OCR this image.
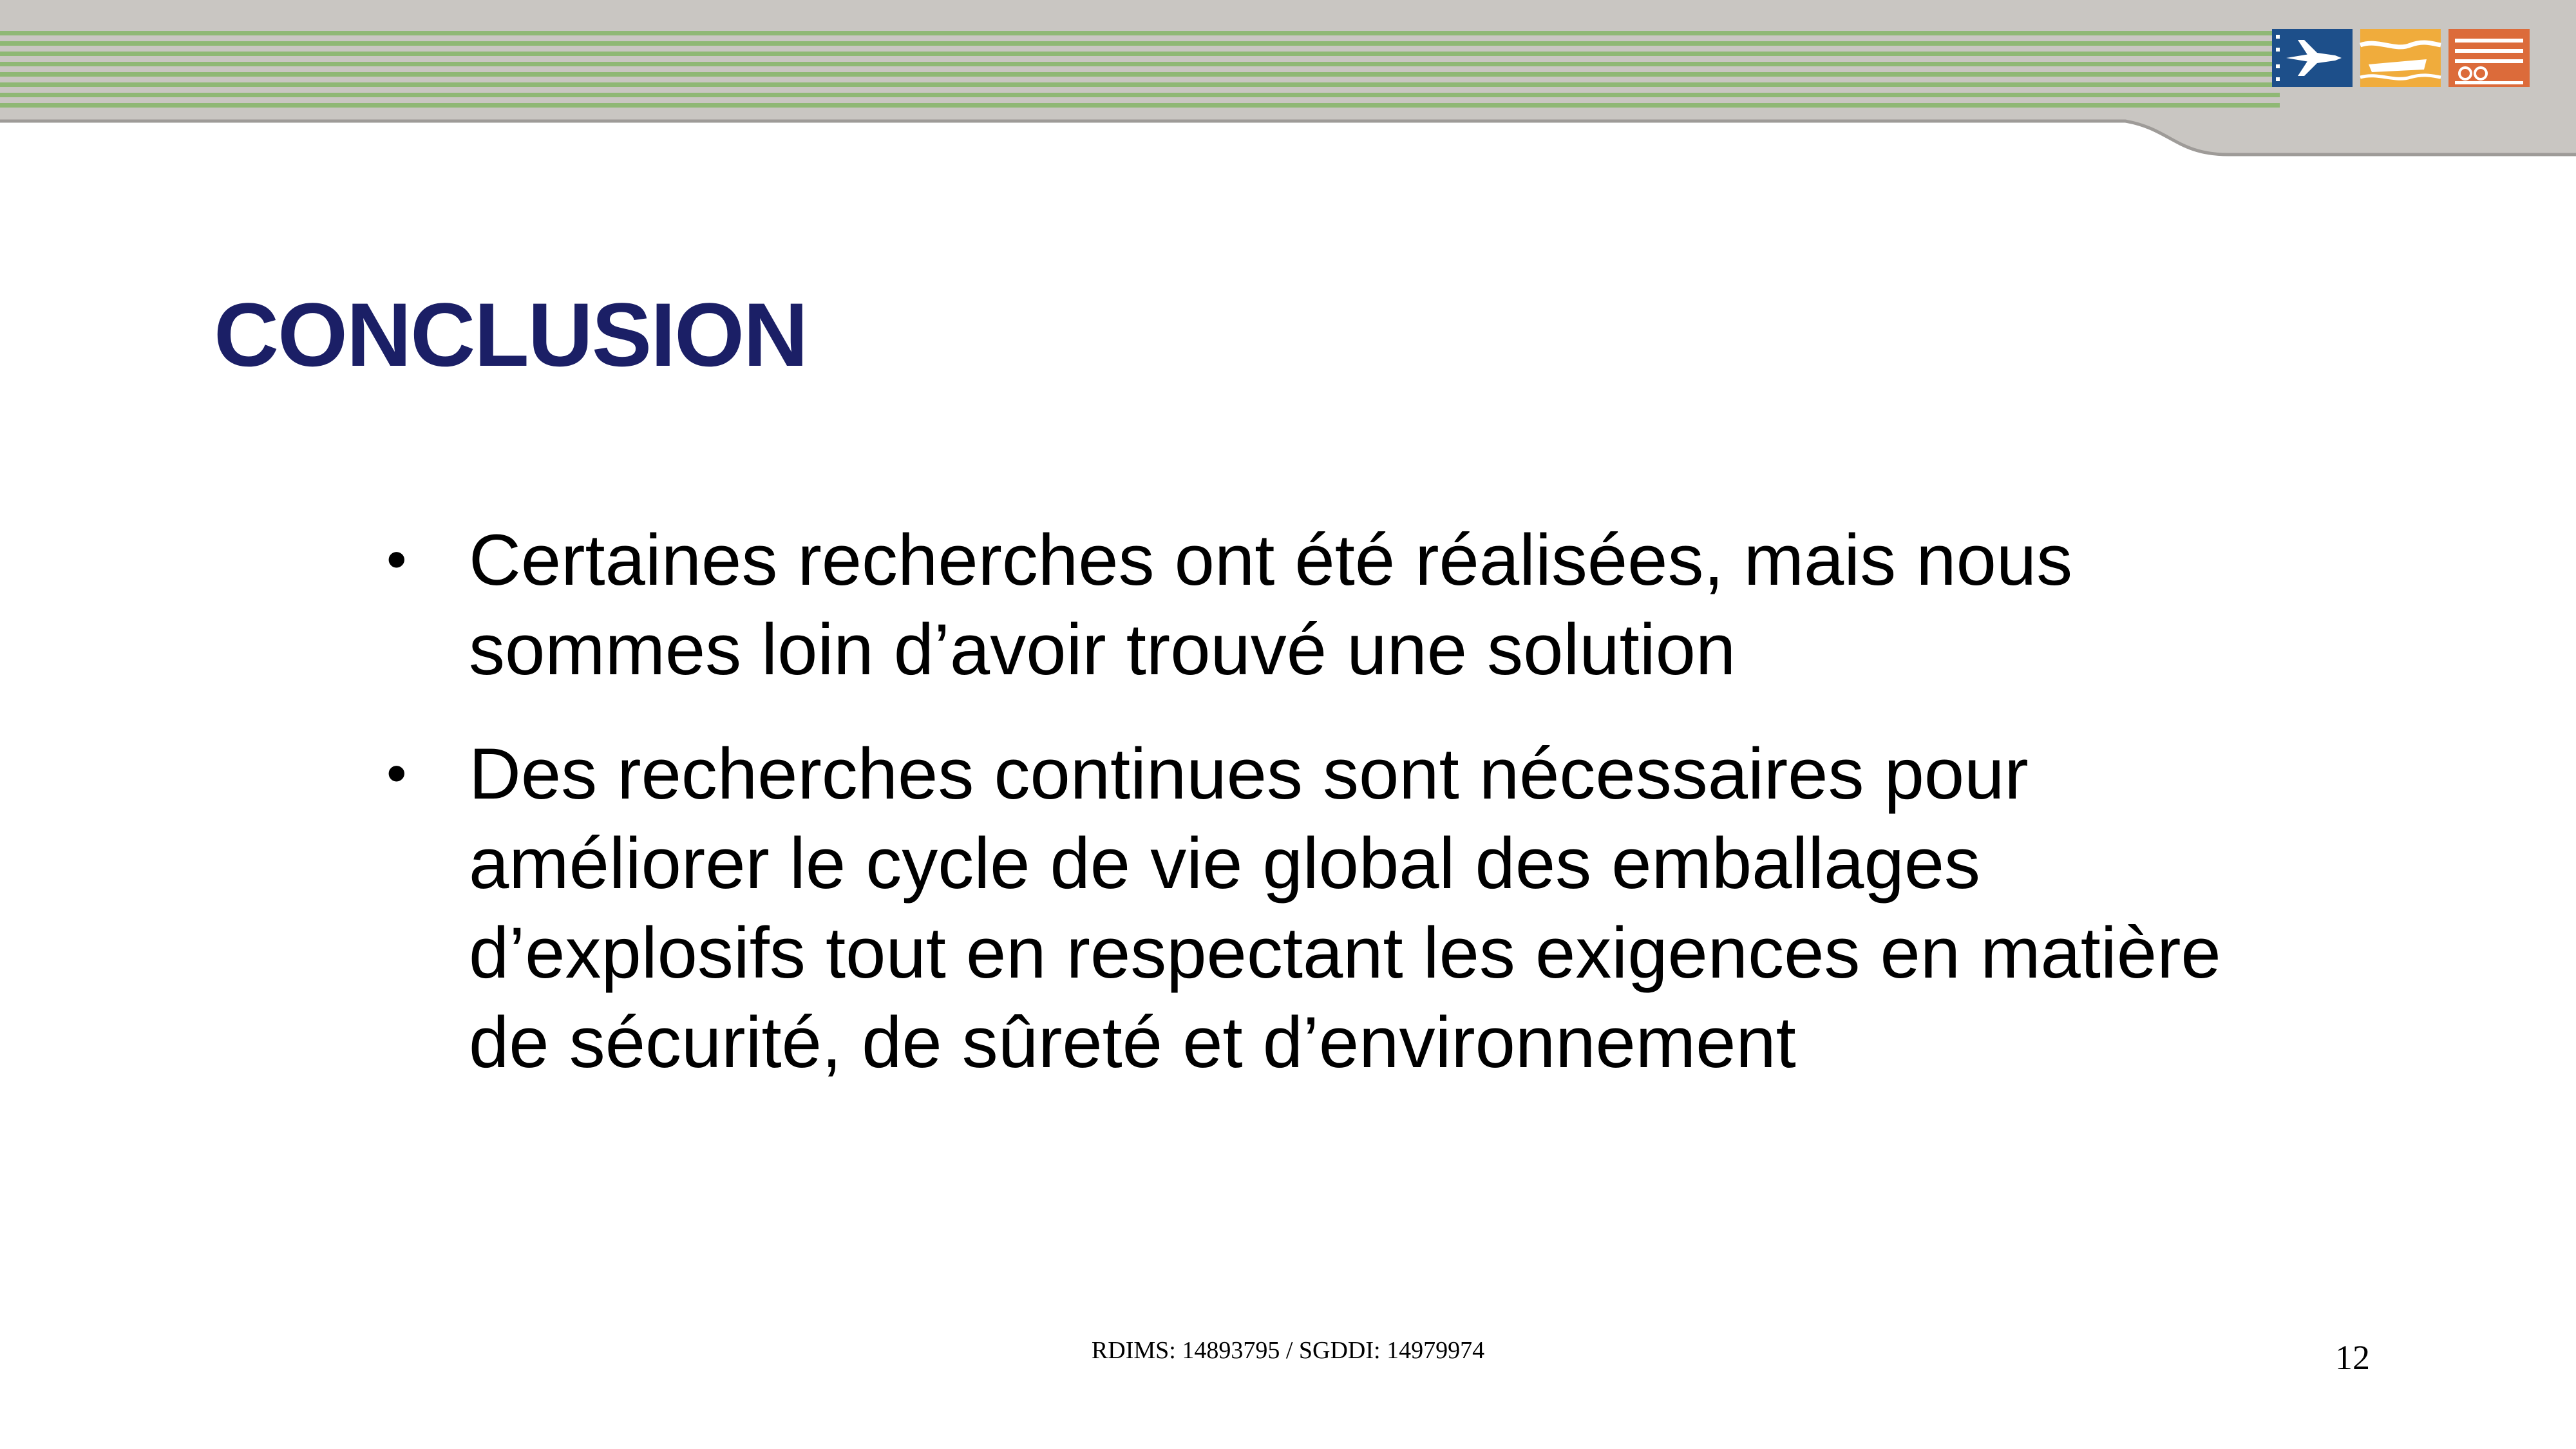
CONCLUSION
• Certaines recherches ont été réalisées, mais nous sommes loin d’avoir trouvé une solution
• Des recherches continues sont nécessaires pour améliorer le cycle de vie global des emballages d’explosifs tout en respectant les exigences en matière de sécurité, de sûreté et d’environnement
RDIMS: 14893795 / SGDDI: 14979974	12
